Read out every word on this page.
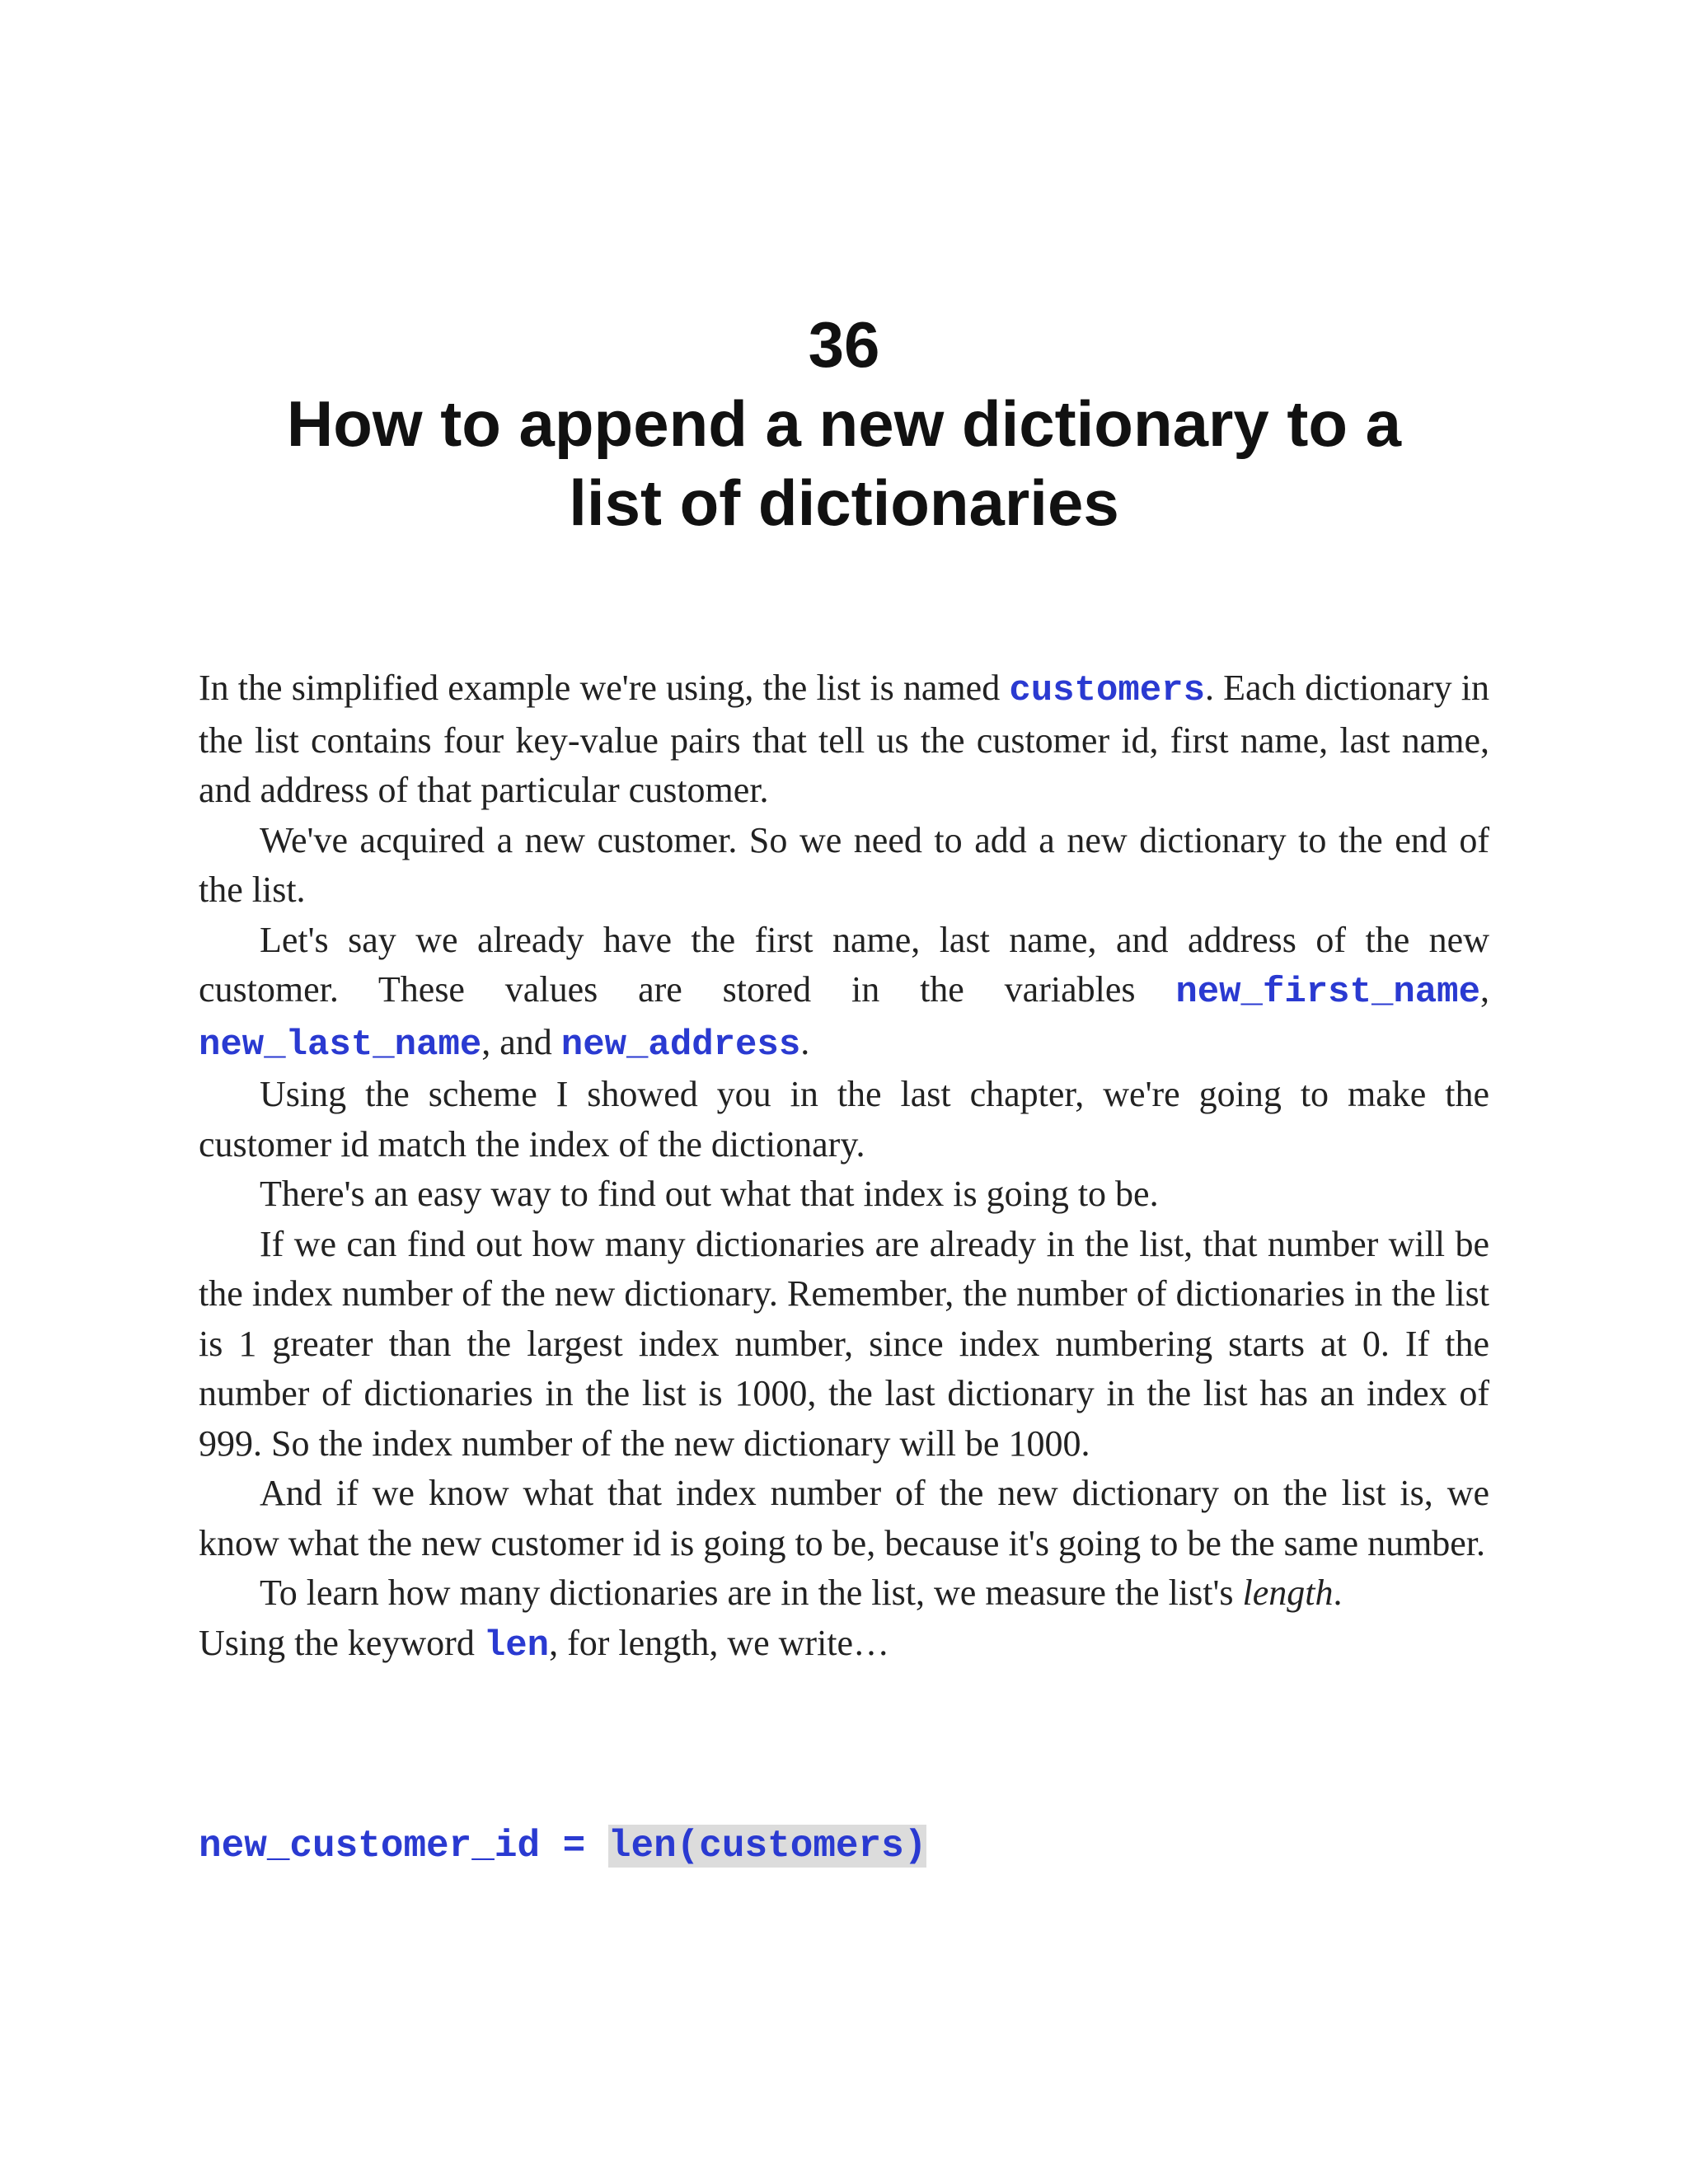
36
How to append a new dictionary to a list of dictionaries

In the simplified example we're using, the list is named customers. Each dictionary in the list contains four key-value pairs that tell us the customer id, first name, last name, and address of that particular customer.

We've acquired a new customer. So we need to add a new dictionary to the end of the list.

Let's say we already have the first name, last name, and address of the new customer. These values are stored in the variables new_first_name, new_last_name, and new_address.

Using the scheme I showed you in the last chapter, we're going to make the customer id match the index of the dictionary.

There's an easy way to find out what that index is going to be.

If we can find out how many dictionaries are already in the list, that number will be the index number of the new dictionary. Remember, the number of dictionaries in the list is 1 greater than the largest index number, since index numbering starts at 0. If the number of dictionaries in the list is 1000, the last dictionary in the list has an index of 999. So the index number of the new dictionary will be 1000.

And if we know what that index number of the new dictionary on the list is, we know what the new customer id is going to be, because it's going to be the same number.

To learn how many dictionaries are in the list, we measure the list's length.
Using the keyword len, for length, we write…

new_customer_id = len(customers)
